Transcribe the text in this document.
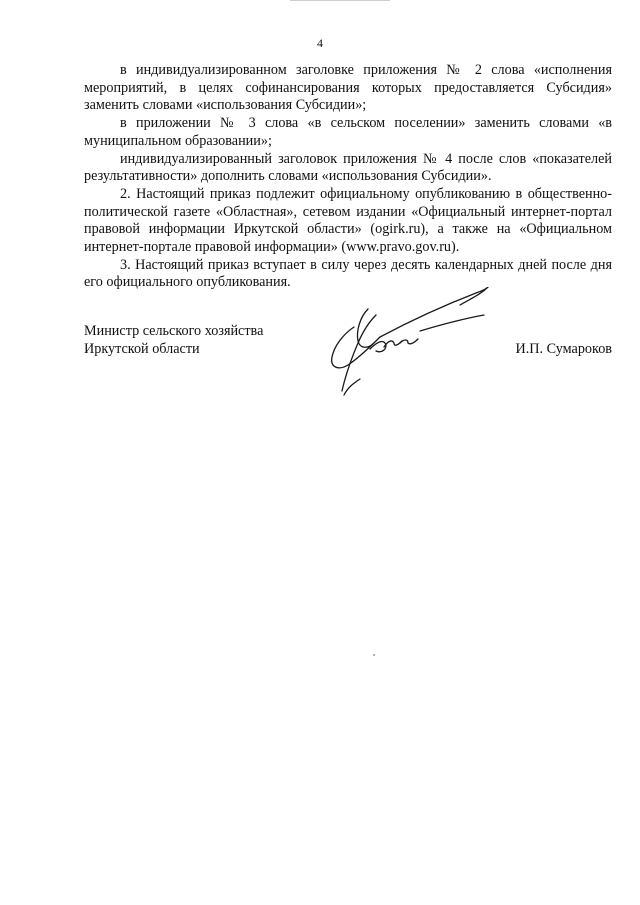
4

в индивидуализированном заголовке приложения № 2 слова «исполнения мероприятий, в целях софинансирования которых предоставляется Субсидия» заменить словами «использования Субсидии»;

в приложении № 3 слова «в сельском поселении» заменить словами «в муниципальном образовании»;

индивидуализированный заголовок приложения № 4 после слов «показателей результативности» дополнить словами «использования Субсидии».

2. Настоящий приказ подлежит официальному опубликованию в общественно-политической газете «Областная», сетевом издании «Официальный интернет-портал правовой информации Иркутской области» (ogirk.ru), а также на «Официальном интернет-портале правовой информации» (www.pravo.gov.ru).

3. Настоящий приказ вступает в силу через десять календарных дней после дня его официального опубликования.

Министр сельского хозяйства
Иркутской области	И.П. Сумароков
